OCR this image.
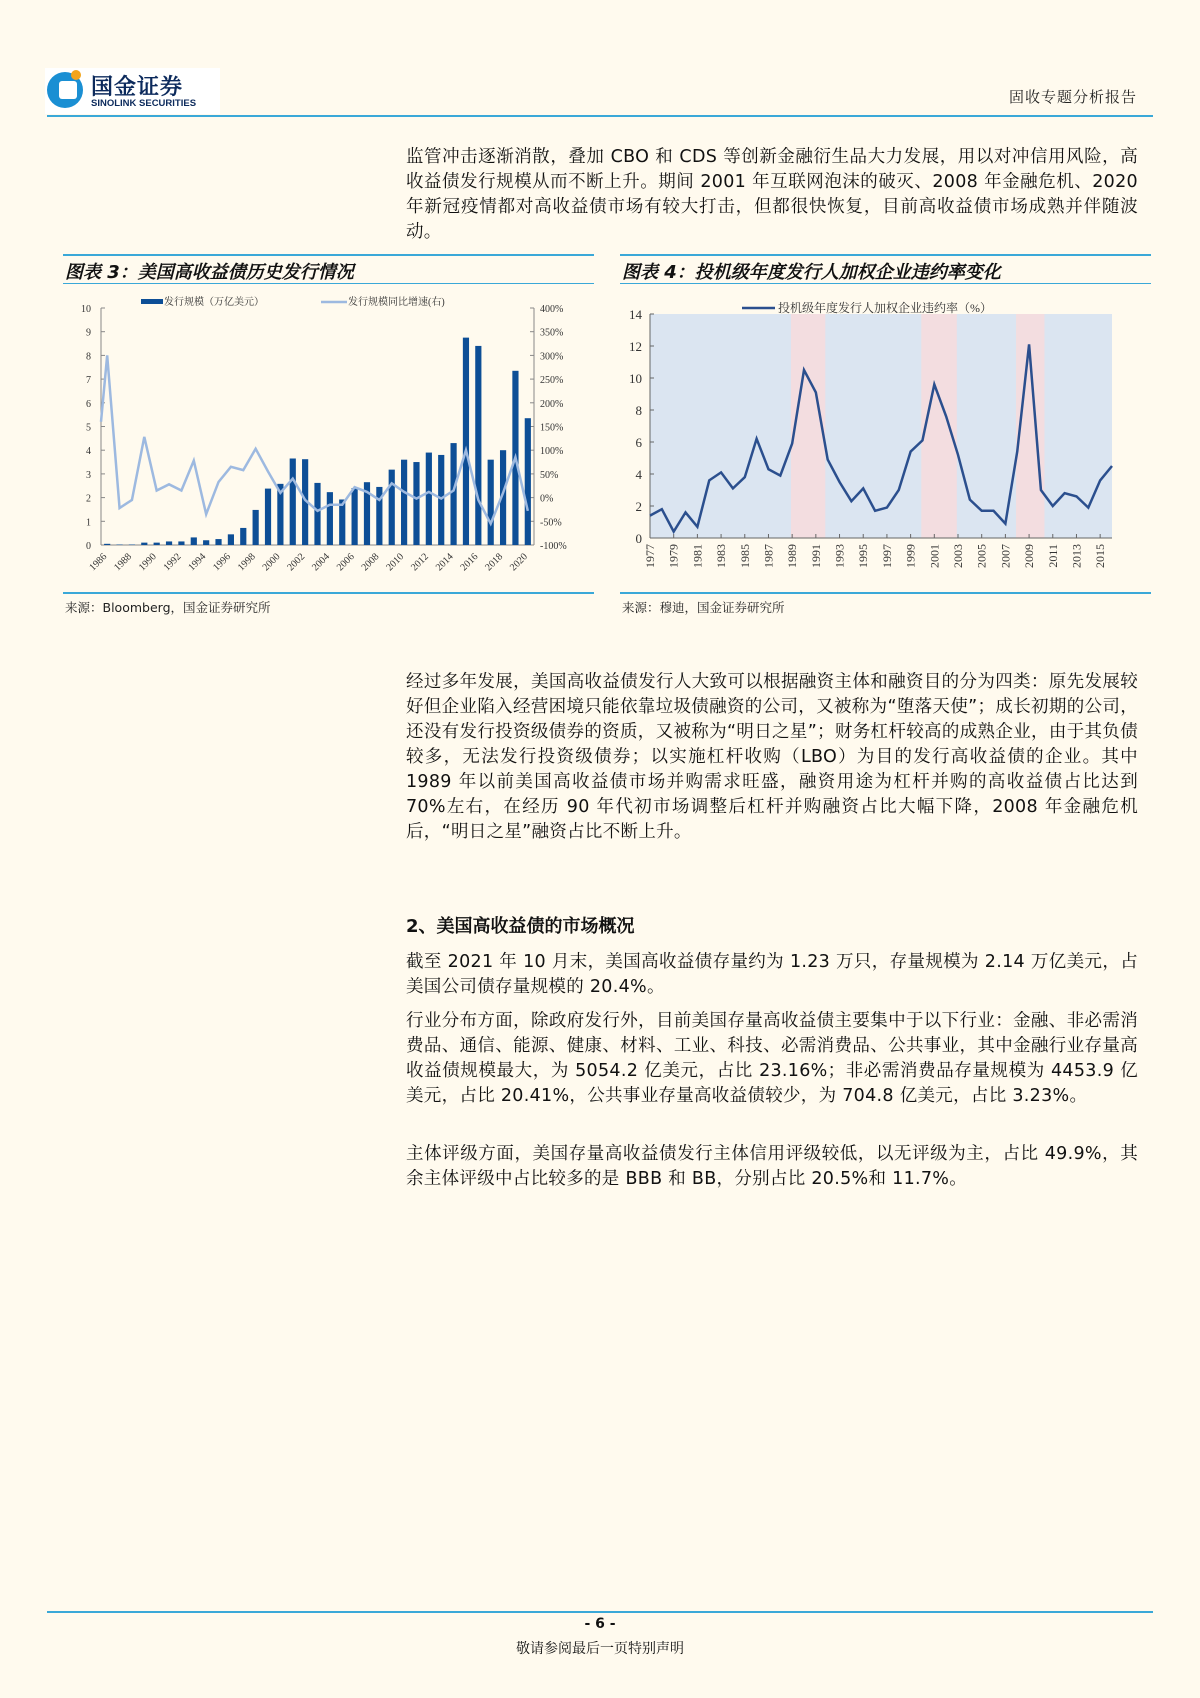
国金证券
SINOLINK SECURITIES	固收专题分析报告
监管冲击逐渐消散，叠加 CBO 和 CDS 等创新金融衍生品大力发展，用以对冲信用风险，高收益债发行规模从而不断上升。期间 2001 年互联网泡沫的破灭、2008 年金融危机、2020 年新冠疫情都对高收益债市场有较大打击，但都很快恢复，目前高收益债市场成熟并伴随波动。
图表 3：美国高收益债历史发行情况
0
1
2
3
4
5
6
7
8
9
10
-100%
-50%
0%
50%
100%
150%
200%
250%
300%
350%
400%
1986 1988 1990 1992 1994 1996 1998 2000 2002 2004 2006 2008 2010 2012 2014 2016 2018 2020
发行规模（万亿美元）	发行规模同比增速(右)
来源：Bloomberg，国金证券研究所
图表 4：投机级年度发行人加权企业违约率变化
0
2
4
6
8
10
12
14
1977 1979 1981 1983 1985 1987 1989 1991 1993 1995 1997 1999 2001 2003 2005 2007 2009 2011 2013 2015
投机级年度发行人加权企业违约率（%）
来源：穆迪，国金证券研究所
经过多年发展，美国高收益债发行人大致可以根据融资主体和融资目的分为四类：原先发展较好但企业陷入经营困境只能依靠垃圾债融资的公司，又被称为“堕落天使”；成长初期的公司，还没有发行投资级债券的资质，又被称为“明日之星”；财务杠杆较高的成熟企业，由于其负债较多，无法发行投资级债券；以实施杠杆收购（LBO）为目的发行高收益债的企业。其中 1989 年以前美国高收益债市场并购需求旺盛，融资用途为杠杆并购的高收益债占比达到 70%左右，在经历 90 年代初市场调整后杠杆并购融资占比大幅下降，2008 年金融危机后，“明日之星”融资占比不断上升。
2、美国高收益债的市场概况
截至 2021 年 10 月末，美国高收益债存量约为 1.23 万只，存量规模为 2.14 万亿美元，占美国公司债存量规模的 20.4%。
行业分布方面，除政府发行外，目前美国存量高收益债主要集中于以下行业：金融、非必需消费品、通信、能源、健康、材料、工业、科技、必需消费品、公共事业，其中金融行业存量高收益债规模最大，为 5054.2 亿美元，占比 23.16%；非必需消费品存量规模为 4453.9 亿美元，占比 20.41%，公共事业存量高收益债较少，为 704.8 亿美元，占比 3.23%。
主体评级方面，美国存量高收益债发行主体信用评级较低，以无评级为主，占比 49.9%，其余主体评级中占比较多的是 BBB 和 BB，分别占比 20.5%和 11.7%。
- 6 -
敬请参阅最后一页特别声明
